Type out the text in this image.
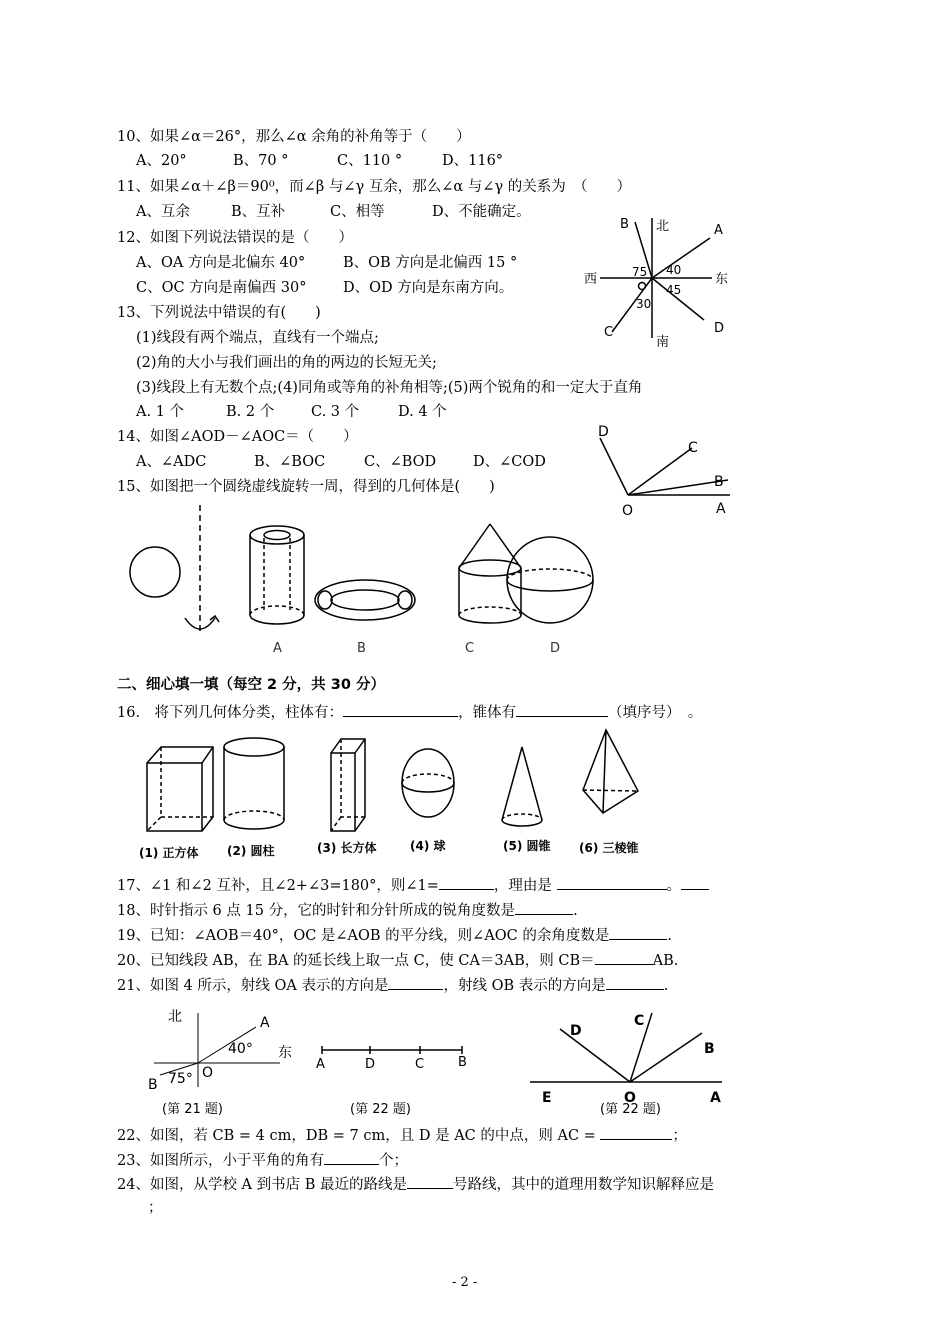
10、如果∠α＝26°，那么∠α 余角的补角等于（　　）
A、20°	B、70 °	C、110 °	D、116°
11、如果∠α＋∠β＝90⁰，而∠β 与∠γ 互余，那么∠α 与∠γ 的关系为　（　　）
A、互余	B、互补	C、相等	D、不能确定。
12、如图下列说法错误的是（　　）
A、OA 方向是北偏东 40°	B、OB 方向是北偏西 15 °
C、OC 方向是南偏西 30°	D、OD 方向是东南方向。
13、下列说法中错误的有(　　)
(1)线段有两个端点，直线有一个端点;
(2)角的大小与我们画出的角的两边的长短无关;
(3)线段上有无数个点;(4)同角或等角的补角相等;(5)两个锐角的和一定大于直角
A. 1 个	B. 2 个	C. 3 个	D. 4 个
14、如图∠AOD－∠AOC＝（　　）
A、∠ADC	B、∠BOC	C、∠BOD	D、∠COD
15、如图把一个圆绕虚线旋转一周，得到的几何体是(　　)
北
南
东
西
A
B
C	D
75 40
45
30
D
C
B
O	A
A	B	C	D
二、细心填一填（每空 2 分，共 30 分）
16.　将下列几何体分类，柱体有：	，锥体有	（填序号）　。
(1) 正方体 (2) 圆柱	(3) 长方体	(4) 球	(5) 圆锥 (6) 三棱锥
17、∠1 和∠2 互补，且∠2+∠3=180°，则∠1=	，理由是	。
18、时针指示 6 点 15 分，它的时针和分针所成的锐角度数是	.
19、已知：∠AOB＝40°，OC 是∠AOB 的平分线，则∠AOC 的余角度数是	.
20、已知线段 AB，在 BA 的延长线上取一点 C，使 CA＝3AB，则 CB＝	AB.
21、如图 4 所示，射线 OA 表示的方向是	，射线 OB 表示的方向是	.
北
东
A
B
O
40°
75°
(第 21 题)
A	D	C	B
(第 22 题)
D
C
B
E	O	A
(第 22 题)
22、如图，若 CB = 4 cm，DB = 7 cm，且 D 是 AC 的中点，则 AC =	；
23、如图所示，小于平角的角有	个；
24、如图，从学校 A 到书店 B 最近的路线是	号路线，其中的道理用数学知识解释应是
；
- 2 -
